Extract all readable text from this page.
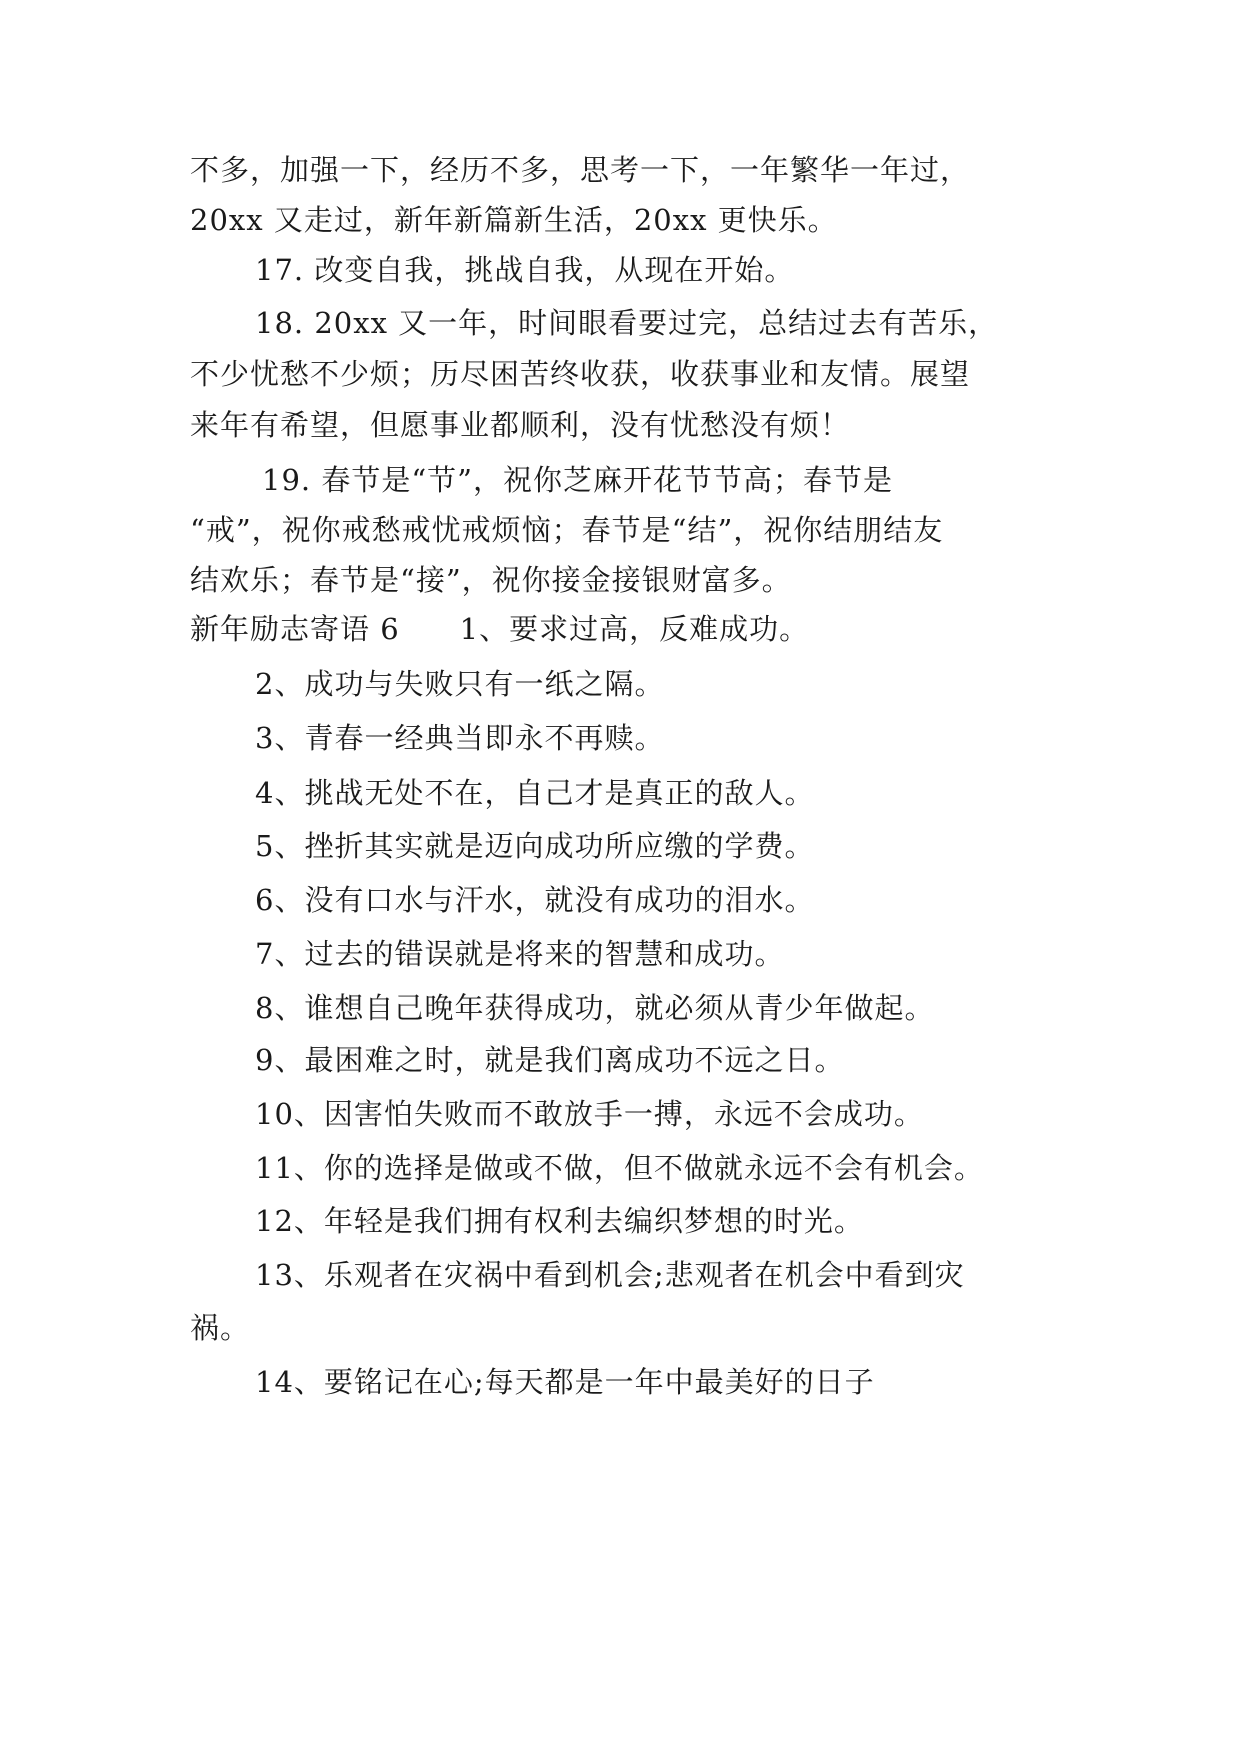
不多，加强一下，经历不多，思考一下，一年繁华一年过，
20xx 又走过，新年新篇新生活，20xx 更快乐。
17. 改变自我，挑战自我，从现在开始。
18. 20xx 又一年，时间眼看要过完，总结过去有苦乐，
不少忧愁不少烦；历尽困苦终收获，收获事业和友情。展望
来年有希望，但愿事业都顺利，没有忧愁没有烦！
19. 春节是“节”，祝你芝麻开花节节高；春节是
“戒”，祝你戒愁戒忧戒烦恼；春节是“结”，祝你结朋结友
结欢乐；春节是“接”，祝你接金接银财富多。
新年励志寄语 6　　1、要求过高，反难成功。
2、成功与失败只有一纸之隔。
3、青春一经典当即永不再赎。
4、挑战无处不在，自己才是真正的敌人。
5、挫折其实就是迈向成功所应缴的学费。
6、没有口水与汗水，就没有成功的泪水。
7、过去的错误就是将来的智慧和成功。
8、谁想自己晚年获得成功，就必须从青少年做起。
9、最困难之时，就是我们离成功不远之日。
10、因害怕失败而不敢放手一搏，永远不会成功。
11、你的选择是做或不做，但不做就永远不会有机会。
12、年轻是我们拥有权利去编织梦想的时光。
13、乐观者在灾祸中看到机会;悲观者在机会中看到灾
祸。
14、要铭记在心;每天都是一年中最美好的日子
